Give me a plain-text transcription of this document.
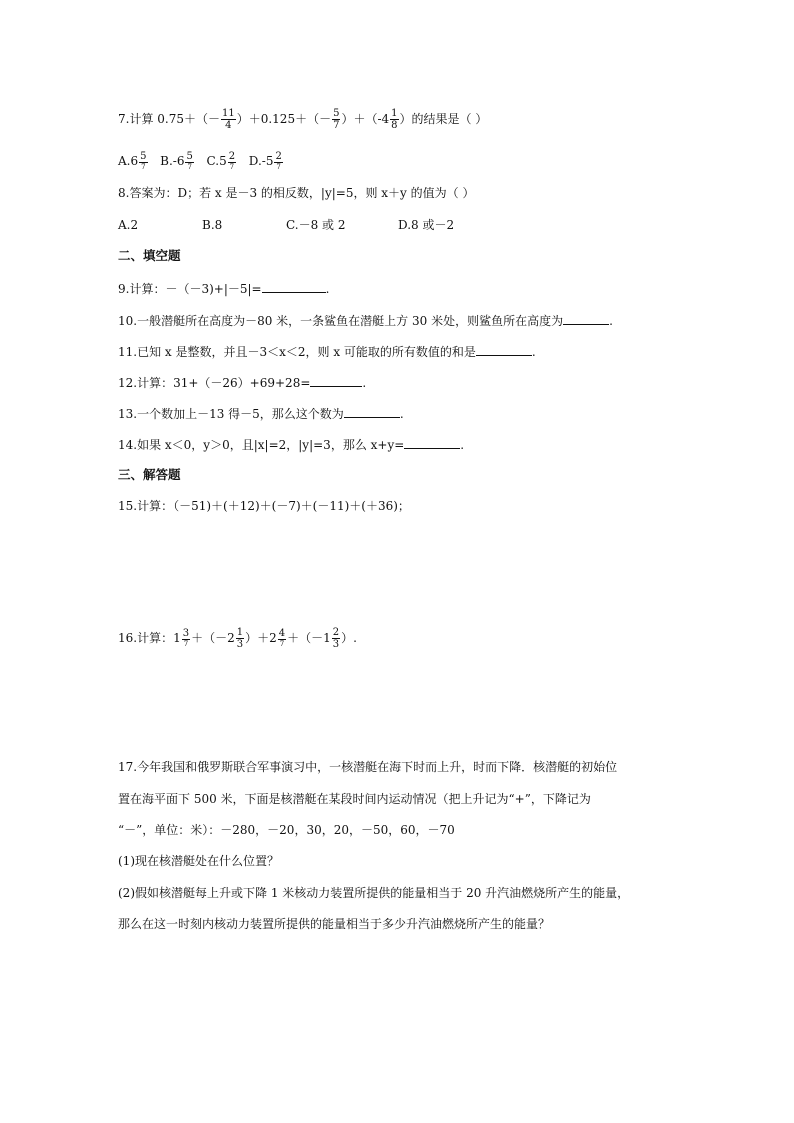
7.计算 $0.75+(- \frac{11}{4} )+0.125+(- \frac{5}{7} )+(-4 \frac{1}{8}$ ）的结果是（ ）
$A.6 \frac{5}{7} B.-6 \frac{5}{7} C.5 \frac{2}{7} D.-5 \frac{2}{7}$
8.答案为：D；若 x 是－3 的相反数，|y|=5，则 x＋y 的值为（ ）
A.2	B.8	C.－8 或 2	D.8 或－2
二、填空题
9.计算：－（－3)+|－5|=	.
10.一般潜艇所在高度为－80 米，一条鲨鱼在潜艇上方 30 米处，则鲨鱼所在高度为	.
11.已知 x 是整数，并且－3＜x＜2，则 x 可能取的所有数值的和是	.
12.计算：31+（－26）+69+28=	.
13.一个数加上－13 得－5，那么这个数为	.
14.如果 x＜0，y＞0，且|x|=2，|y|=3，那么 x+y=	.
三、解答题
15.计算：（－51)＋(＋12)＋(－7)＋(－11)＋(＋36)；
16.计算：$1 \frac{3}{7} +(-2 \frac{1}{3} )+2 \frac{4}{7} +(-1 \frac{2}{3}$ ）.
17.今年我国和俄罗斯联合军事演习中，一核潜艇在海下时而上升，时而下降．核潜艇的初始位
置在海平面下 500 米，下面是核潜艇在某段时间内运动情况（把上升记为“+”，下降记为
“－”，单位：米）：－280，－20，30，20，－50，60，－70
(1)现在核潜艇处在什么位置？
(2)假如核潜艇每上升或下降 1 米核动力装置所提供的能量相当于 20 升汽油燃烧所产生的能量，
那么在这一时刻内核动力装置所提供的能量相当于多少升汽油燃烧所产生的能量？
